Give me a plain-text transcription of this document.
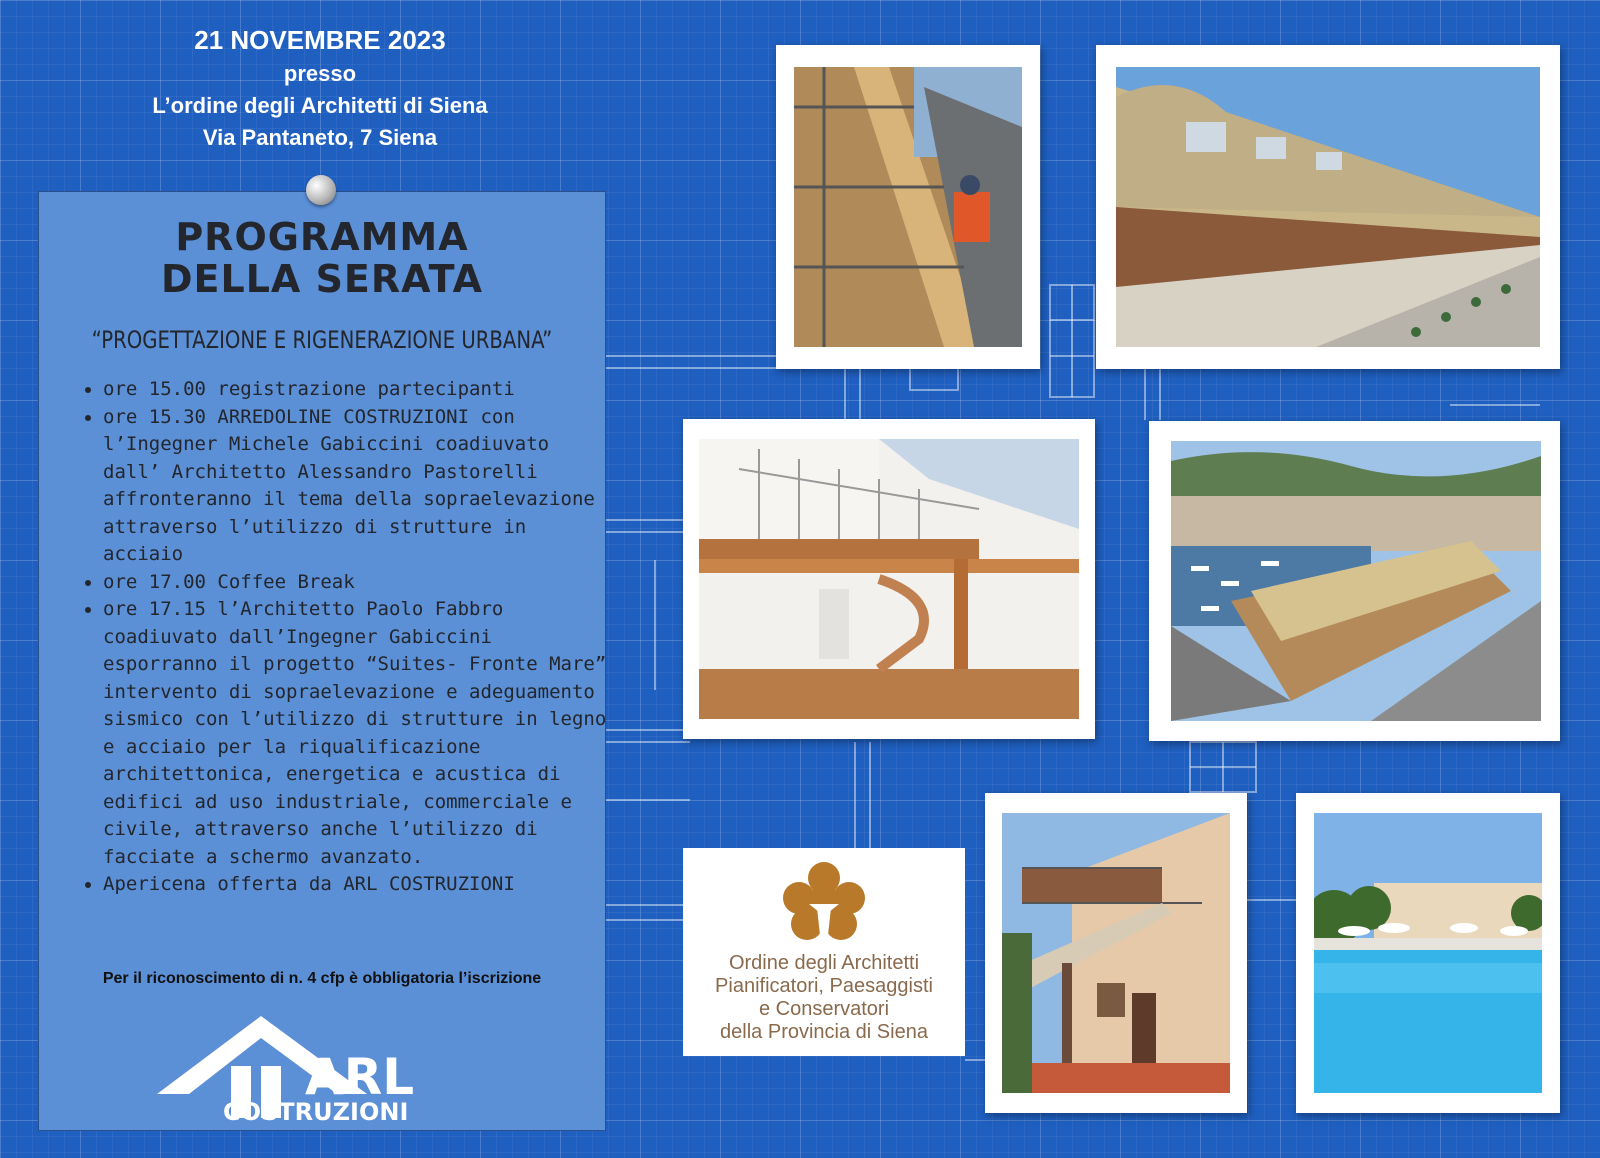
21 NOVEMBRE 2023
presso
L’ordine degli Architetti di Siena
Via Pantaneto, 7 Siena
PROGRAMMA
DELLA SERATA
“PROGETTAZIONE E RIGENERAZIONE URBANA”
• ore 15.00 registrazione partecipanti
• ore 15.30 ARREDOLINE COSTRUZIONI con l’Ingegner Michele Gabiccini coadiuvato dall’ Architetto Alessandro Pastorelli affronteranno il tema della sopraelevazione attraverso l’utilizzo di strutture in acciaio
• ore 17.00 Coffee Break
• ore 17.15 l’Architetto Paolo Fabbro coadiuvato dall’Ingegner Gabiccini esporranno il progetto “Suites- Fronte Mare” intervento di sopraelevazione e adeguamento sismico con l’utilizzo di strutture in legno e acciaio per la riqualificazione architettonica, energetica e acustica di edifici ad uso industriale, commerciale e civile, attraverso anche l’utilizzo di facciate a schermo avanzato.
• Apericena offerta da ARL COSTRUZIONI
Per il riconoscimento di n. 4 cfp è obbligatoria l’iscrizione
ARL
COSTRUZIONI
Ordine degli Architetti
Pianificatori, Paesaggisti
e Conservatori
della Provincia di Siena
